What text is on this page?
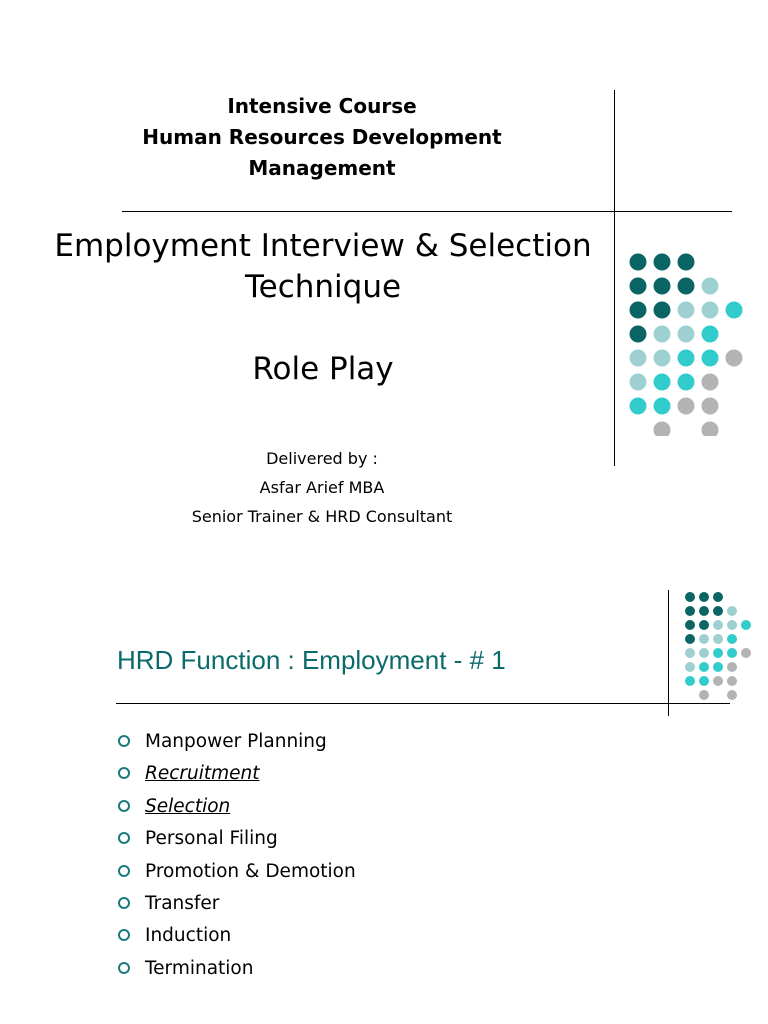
Intensive Course
Human Resources Development
Management
Employment Interview & Selection
Technique
Role Play
Delivered by :
Asfar Arief MBA
Senior Trainer & HRD Consultant
HRD Function : Employment - # 1
Manpower Planning
Recruitment
Selection
Personal Filing
Promotion & Demotion
Transfer
Induction
Termination
